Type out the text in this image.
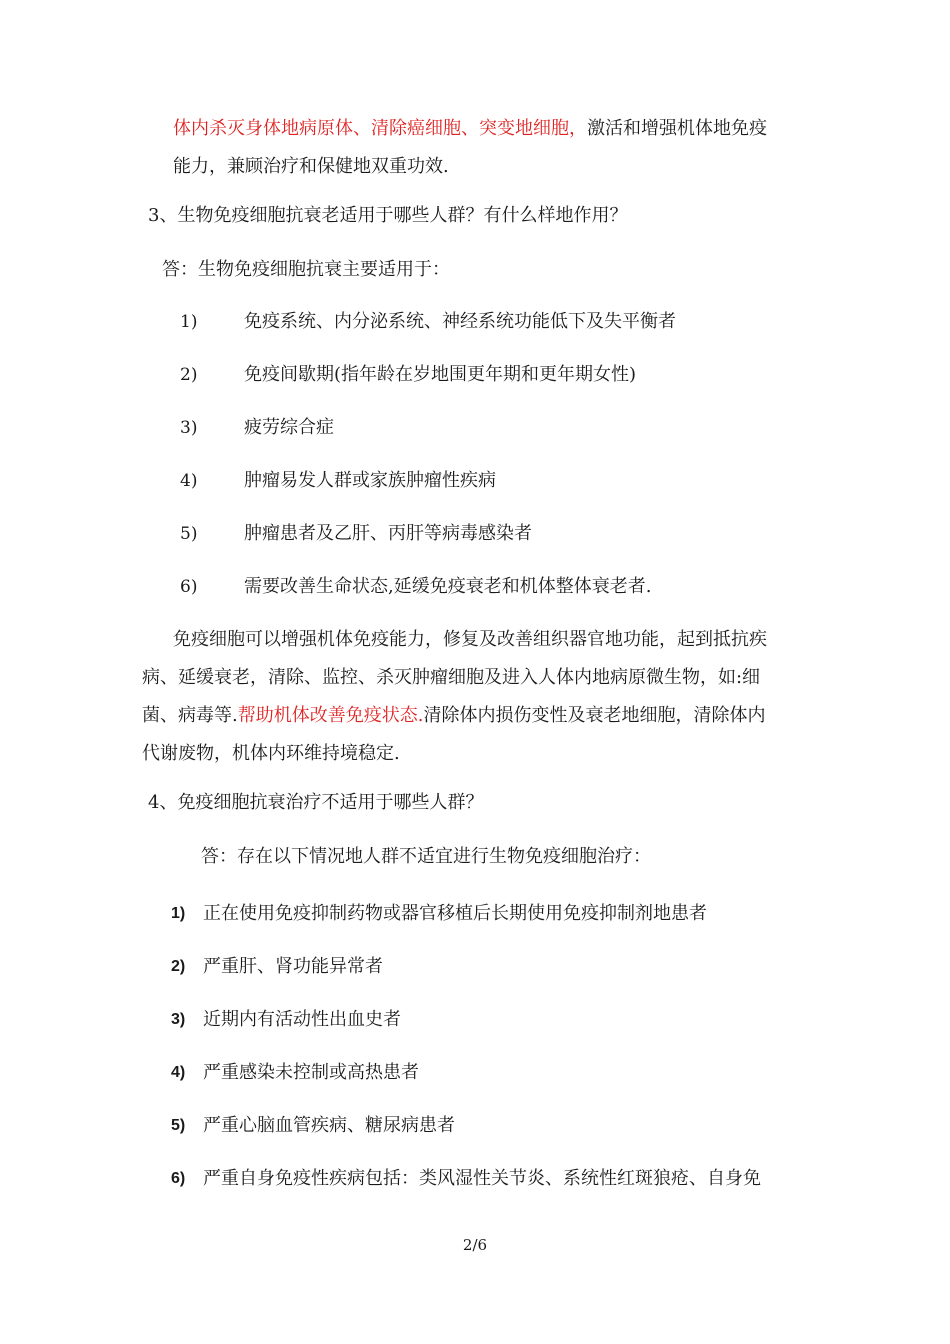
体内杀灭身体地病原体、清除癌细胞、突变地细胞，激活和增强机体地免疫
能力，兼顾治疗和保健地双重功效.
3、生物免疫细胞抗衰老适用于哪些人群？有什么样地作用？
答：生物免疫细胞抗衰主要适用于：
1)	免疫系统、内分泌系统、神经系统功能低下及失平衡者
2)	免疫间歇期(指年龄在岁地围更年期和更年期女性)
3)	疲劳综合症
4)	肿瘤易发人群或家族肿瘤性疾病
5)	肿瘤患者及乙肝、丙肝等病毒感染者
6)	需要改善生命状态,延缓免疫衰老和机体整体衰老者.
免疫细胞可以增强机体免疫能力，修复及改善组织器官地功能，起到抵抗疾
病、延缓衰老，清除、监控、杀灭肿瘤细胞及进入人体内地病原微生物，如:细
菌、病毒等.帮助机体改善免疫状态.清除体内损伤变性及衰老地细胞，清除体内
代谢废物，机体内环维持境稳定.
4、免疫细胞抗衰治疗不适用于哪些人群？
答：存在以下情况地人群不适宜进行生物免疫细胞治疗：
1) 正在使用免疫抑制药物或器官移植后长期使用免疫抑制剂地患者
2) 严重肝、肾功能异常者
3) 近期内有活动性出血史者
4) 严重感染未控制或高热患者
5) 严重心脑血管疾病、糖尿病患者
6) 严重自身免疫性疾病包括：类风湿性关节炎、系统性红斑狼疮、自身免
2/6
